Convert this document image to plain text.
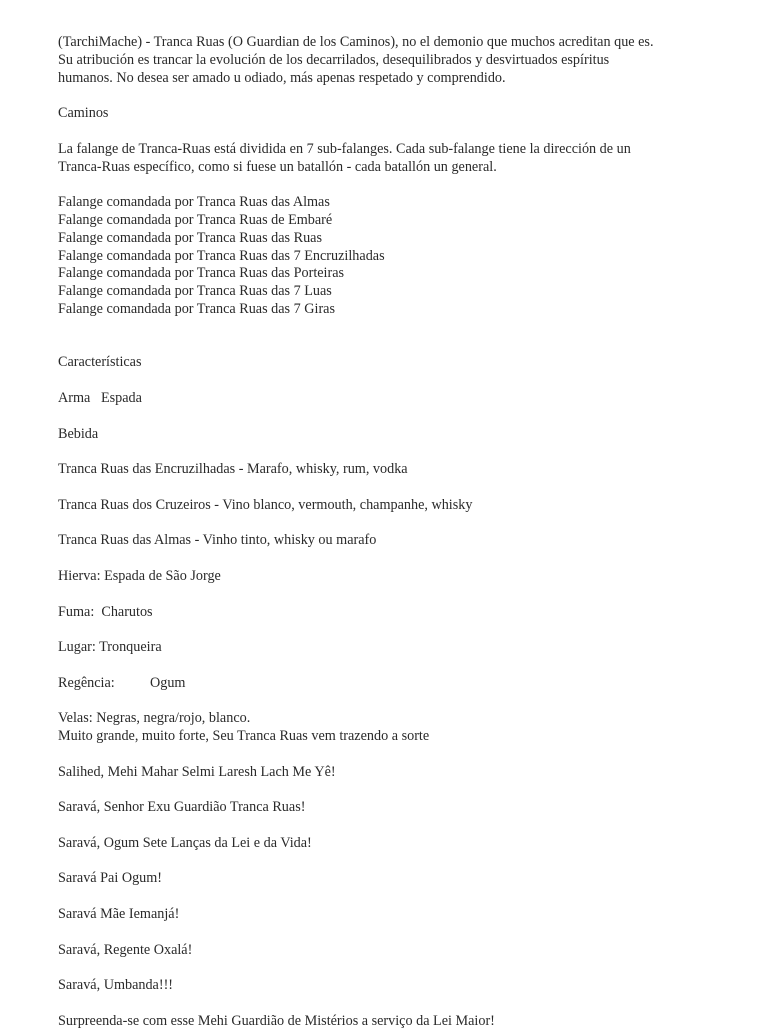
(TarchiMache) - Tranca Ruas (O Guardian de los Caminos), no el demonio que muchos acreditan que es.
Su atribución es trancar la evolución de los decarrilados, desequilibrados y desvirtuados espíritus
humanos. No desea ser amado u odiado, más apenas respetado y comprendido.

Caminos

La falange de Tranca-Ruas está dividida en 7 sub-falanges. Cada sub-falange tiene la dirección de un
Tranca-Ruas específico, como si fuese un batallón - cada batallón un general.

Falange comandada por Tranca Ruas das Almas
Falange comandada por Tranca Ruas de Embaré
Falange comandada por Tranca Ruas das Ruas
Falange comandada por Tranca Ruas das 7 Encruzilhadas
Falange comandada por Tranca Ruas das Porteiras
Falange comandada por Tranca Ruas das 7 Luas
Falange comandada por Tranca Ruas das 7 Giras

Características

Arma   Espada

Bebida

Tranca Ruas das Encruzilhadas - Marafo, whisky, rum, vodka

Tranca Ruas dos Cruzeiros - Vino blanco, vermouth, champanhe, whisky

Tranca Ruas das Almas - Vinho tinto, whisky ou marafo

Hierva: Espada de São Jorge

Fuma:  Charutos

Lugar: Tronqueira

Regência: Ogum

Velas: Negras, negra/rojo, blanco.
Muito grande, muito forte, Seu Tranca Ruas vem trazendo a sorte

Salihed, Mehi Mahar Selmi Laresh Lach Me Yê!

Saravá, Senhor Exu Guardião Tranca Ruas!

Saravá, Ogum Sete Lanças da Lei e da Vida!

Saravá Pai Ogum!

Saravá Mãe Iemanjá!

Saravá, Regente Oxalá!

Saravá, Umbanda!!!

Surpreenda-se com esse Mehi Guardião de Mistérios a serviço da Lei Maior!
